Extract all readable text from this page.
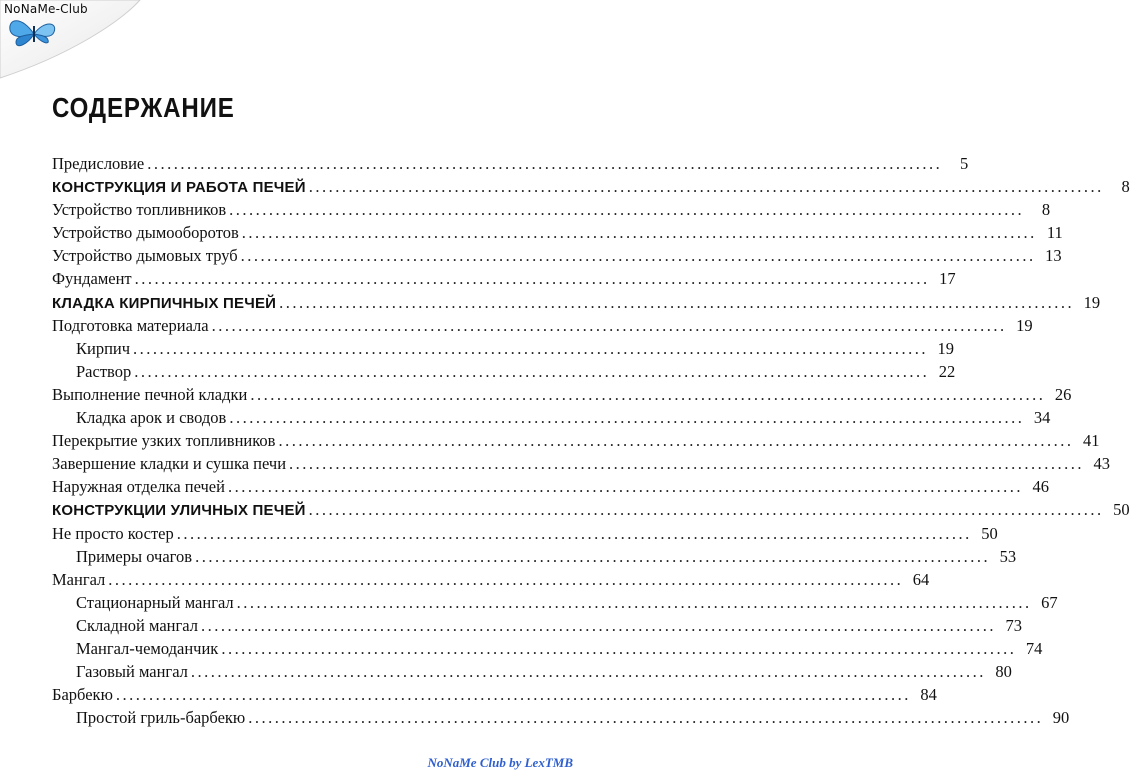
NoNaMe-Club
СОДЕРЖАНИЕ
Предисловие ........................................................................................................................	5
КОНСТРУКЦИЯ И РАБОТА ПЕЧЕЙ ........................................................................................................................	8
Устройство топливников ........................................................................................................................	8
Устройство дымооборотов ........................................................................................................................ 11
Устройство дымовых труб ........................................................................................................................ 13
Фундамент ........................................................................................................................ 17
КЛАДКА КИРПИЧНЫХ ПЕЧЕЙ ........................................................................................................................ 19
Подготовка материала ........................................................................................................................ 19
Кирпич ........................................................................................................................ 19
Раствор ........................................................................................................................ 22
Выполнение печной кладки ........................................................................................................................ 26
Кладка арок и сводов ........................................................................................................................ 34
Перекрытие узких топливников ........................................................................................................................ 41
Завершение кладки и сушка печи ........................................................................................................................ 43
Наружная отделка печей ........................................................................................................................ 46
КОНСТРУКЦИИ УЛИЧНЫХ ПЕЧЕЙ ........................................................................................................................ 50
Не просто костер ........................................................................................................................ 50
Примеры очагов ........................................................................................................................ 53
Мангал ........................................................................................................................ 64
Стационарный мангал ........................................................................................................................ 67
Складной мангал ........................................................................................................................ 73
Мангал-чемоданчик ........................................................................................................................ 74
Газовый мангал ........................................................................................................................ 80
Барбекю ........................................................................................................................ 84
Простой гриль-барбекю ........................................................................................................................ 90
NoNaMe Club by LexTMB
